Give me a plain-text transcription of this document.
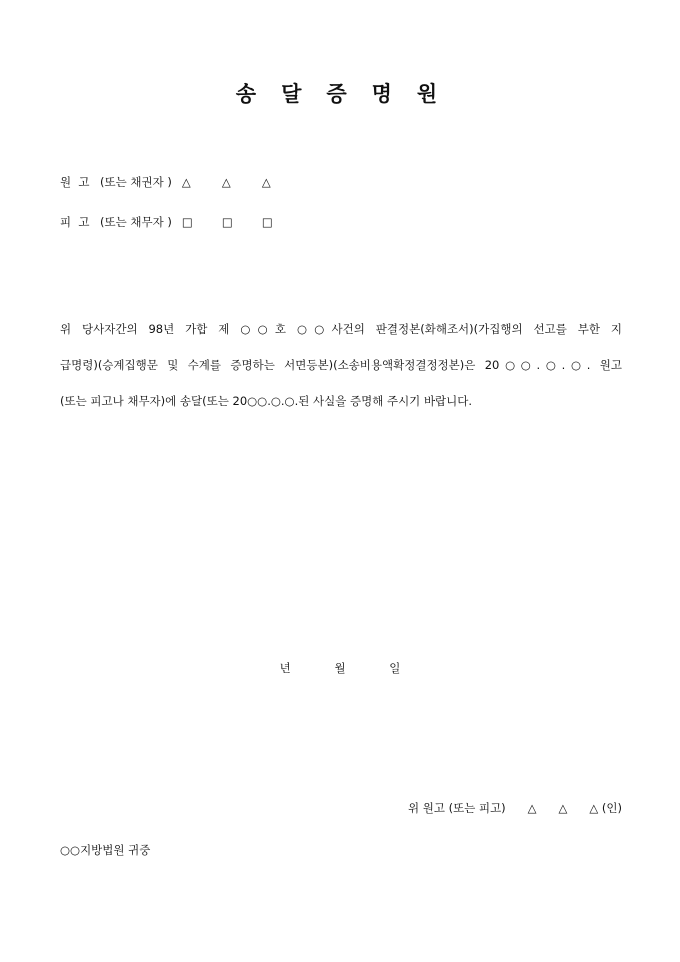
송달증명원
원  고 (또는 채권자 ) △	△	△
피  고 (또는 채무자 ) □	□	□
위 당사자간의 98년 가합 제 ○○호 ○○사건의 판결정본(화해조서)(가집행의 선고를 부한 지
급명령)(승계집행문 및 수계를 증명하는 서면등본)(소송비용액확정결정정본)은 20○○.○.○. 원고
(또는 피고나 채무자)에 송달(또는 20○○.○.○.된 사실을 증명해 주시기 바랍니다.
년	월	일
위 원고 (또는 피고) △ △ △ (인)
○○지방법원 귀중
